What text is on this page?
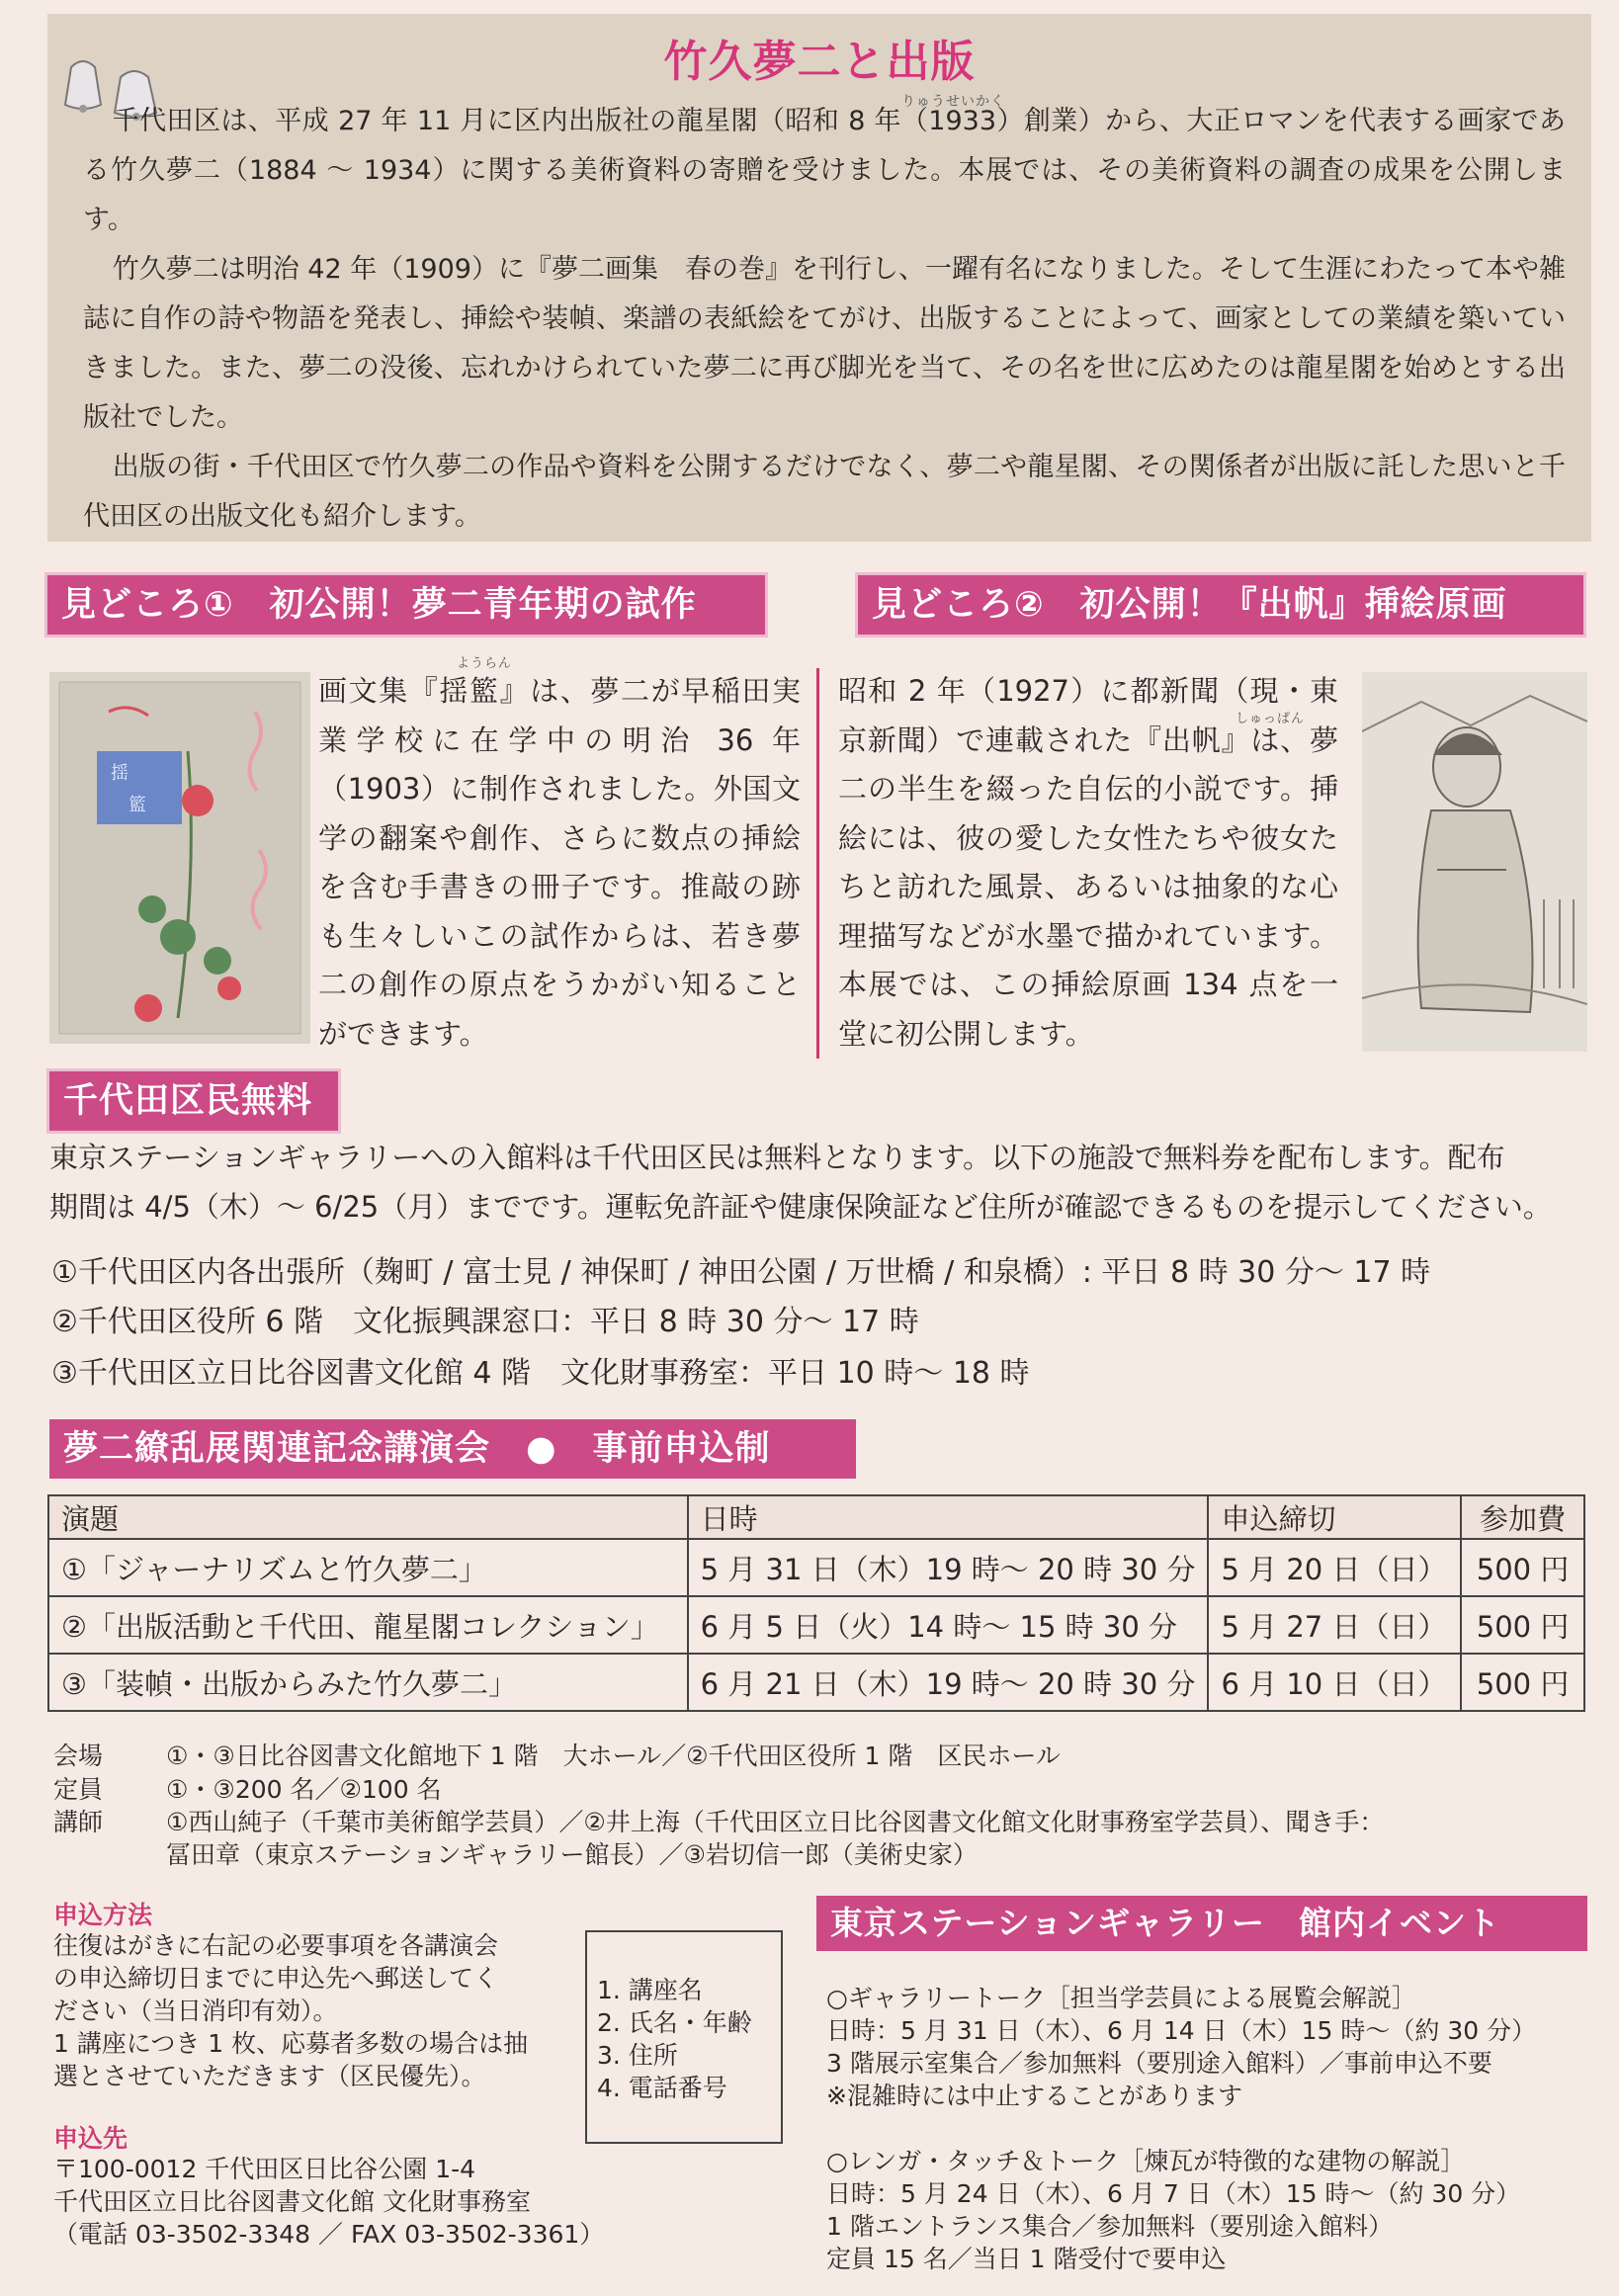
竹久夢二と出版
りゅうせいかく
千代田区は、平成 27 年 11 月に区内出版社の龍星閣（昭和 8 年（1933）創業）から、大正ロマンを代表する画家である竹久夢二（1884 〜 1934）に関する美術資料の寄贈を受けました。本展では、その美術資料の調査の成果を公開します。
竹久夢二は明治 42 年（1909）に『夢二画集　春の巻』を刊行し、一躍有名になりました。そして生涯にわたって本や雑誌に自作の詩や物語を発表し、挿絵や装幀、楽譜の表紙絵をてがけ、出版することによって、画家としての業績を築いていきました。また、夢二の没後、忘れかけられていた夢二に再び脚光を当て、その名を世に広めたのは龍星閣を始めとする出版社でした。
出版の街・千代田区で竹久夢二の作品や資料を公開するだけでなく、夢二や龍星閣、その関係者が出版に託した思いと千代田区の出版文化も紹介します。
見どころ①　初公開！夢二青年期の試作
揺
籃
ようらん
画文集『揺籃』は、夢二が早稲田実業学校に在学中の明治 36 年（1903）に制作されました。外国文学の翻案や創作、さらに数点の挿絵を含む手書きの冊子です。推敲の跡も生々しいこの試作からは、若き夢二の創作の原点をうかがい知ることができます。
見どころ②　初公開！『出帆』挿絵原画
しゅっぱん
昭和 2 年（1927）に都新聞（現・東京新聞）で連載された『出帆』は、夢二の半生を綴った自伝的小説です。挿絵には、彼の愛した女性たちや彼女たちと訪れた風景、あるいは抽象的な心理描写などが水墨で描かれています。本展では、この挿絵原画 134 点を一堂に初公開します。
千代田区民無料
東京ステーションギャラリーへの入館料は千代田区民は無料となります。以下の施設で無料券を配布します。配布
期間は 4/5（木）〜 6/25（月）までです。運転免許証や健康保険証など住所が確認できるものを提示してください。
①千代田区内各出張所（麹町 / 富士見 / 神保町 / 神田公園 / 万世橋 / 和泉橋）: 平日 8 時 30 分〜 17 時
②千代田区役所 6 階　文化振興課窓口：平日 8 時 30 分〜 17 時
③千代田区立日比谷図書文化館 4 階　文化財事務室：平日 10 時〜 18 時
夢二繚乱展関連記念講演会　●　事前申込制
演題	日時	申込締切	参加費
①「ジャーナリズムと竹久夢二」	5 月 31 日（木）19 時〜 20 時 30 分	5 月 20 日（日）	500 円
②「出版活動と千代田、龍星閣コレクション」	6 月 5 日（火）14 時〜 15 時 30 分	5 月 27 日（日）	500 円
③「装幀・出版からみた竹久夢二」	6 月 21 日（木）19 時〜 20 時 30 分	6 月 10 日（日）	500 円
会場	①・③日比谷図書文化館地下 1 階　大ホール／②千代田区役所 1 階　区民ホール
定員	①・③200 名／②100 名
講師	①西山純子（千葉市美術館学芸員）／②井上海（千代田区立日比谷図書文化館文化財事務室学芸員）、聞き手：
冨田章（東京ステーションギャラリー館長）／③岩切信一郎（美術史家）
申込方法
往復はがきに右記の必要事項を各講演会
の申込締切日までに申込先へ郵送してく
ださい（当日消印有効）。
1 講座につき 1 枚、応募者多数の場合は抽
選とさせていただきます（区民優先）。
1. 講座名
2. 氏名・年齢
3. 住所
4. 電話番号
申込先
〒100-0012 千代田区日比谷公園 1-4
千代田区立日比谷図書文化館 文化財事務室
（電話 03-3502-3348 ／ FAX 03-3502-3361）
東京ステーションギャラリー　館内イベント
○ギャラリートーク［担当学芸員による展覧会解説］
日時：5 月 31 日（木）、6 月 14 日（木）15 時〜（約 30 分）
3 階展示室集合／参加無料（要別途入館料）／事前申込不要
※混雑時には中止することがあります
○レンガ・タッチ＆トーク［煉瓦が特徴的な建物の解説］
日時：5 月 24 日（木）、6 月 7 日（木）15 時〜（約 30 分）
1 階エントランス集合／参加無料（要別途入館料）
定員 15 名／当日 1 階受付で要申込
